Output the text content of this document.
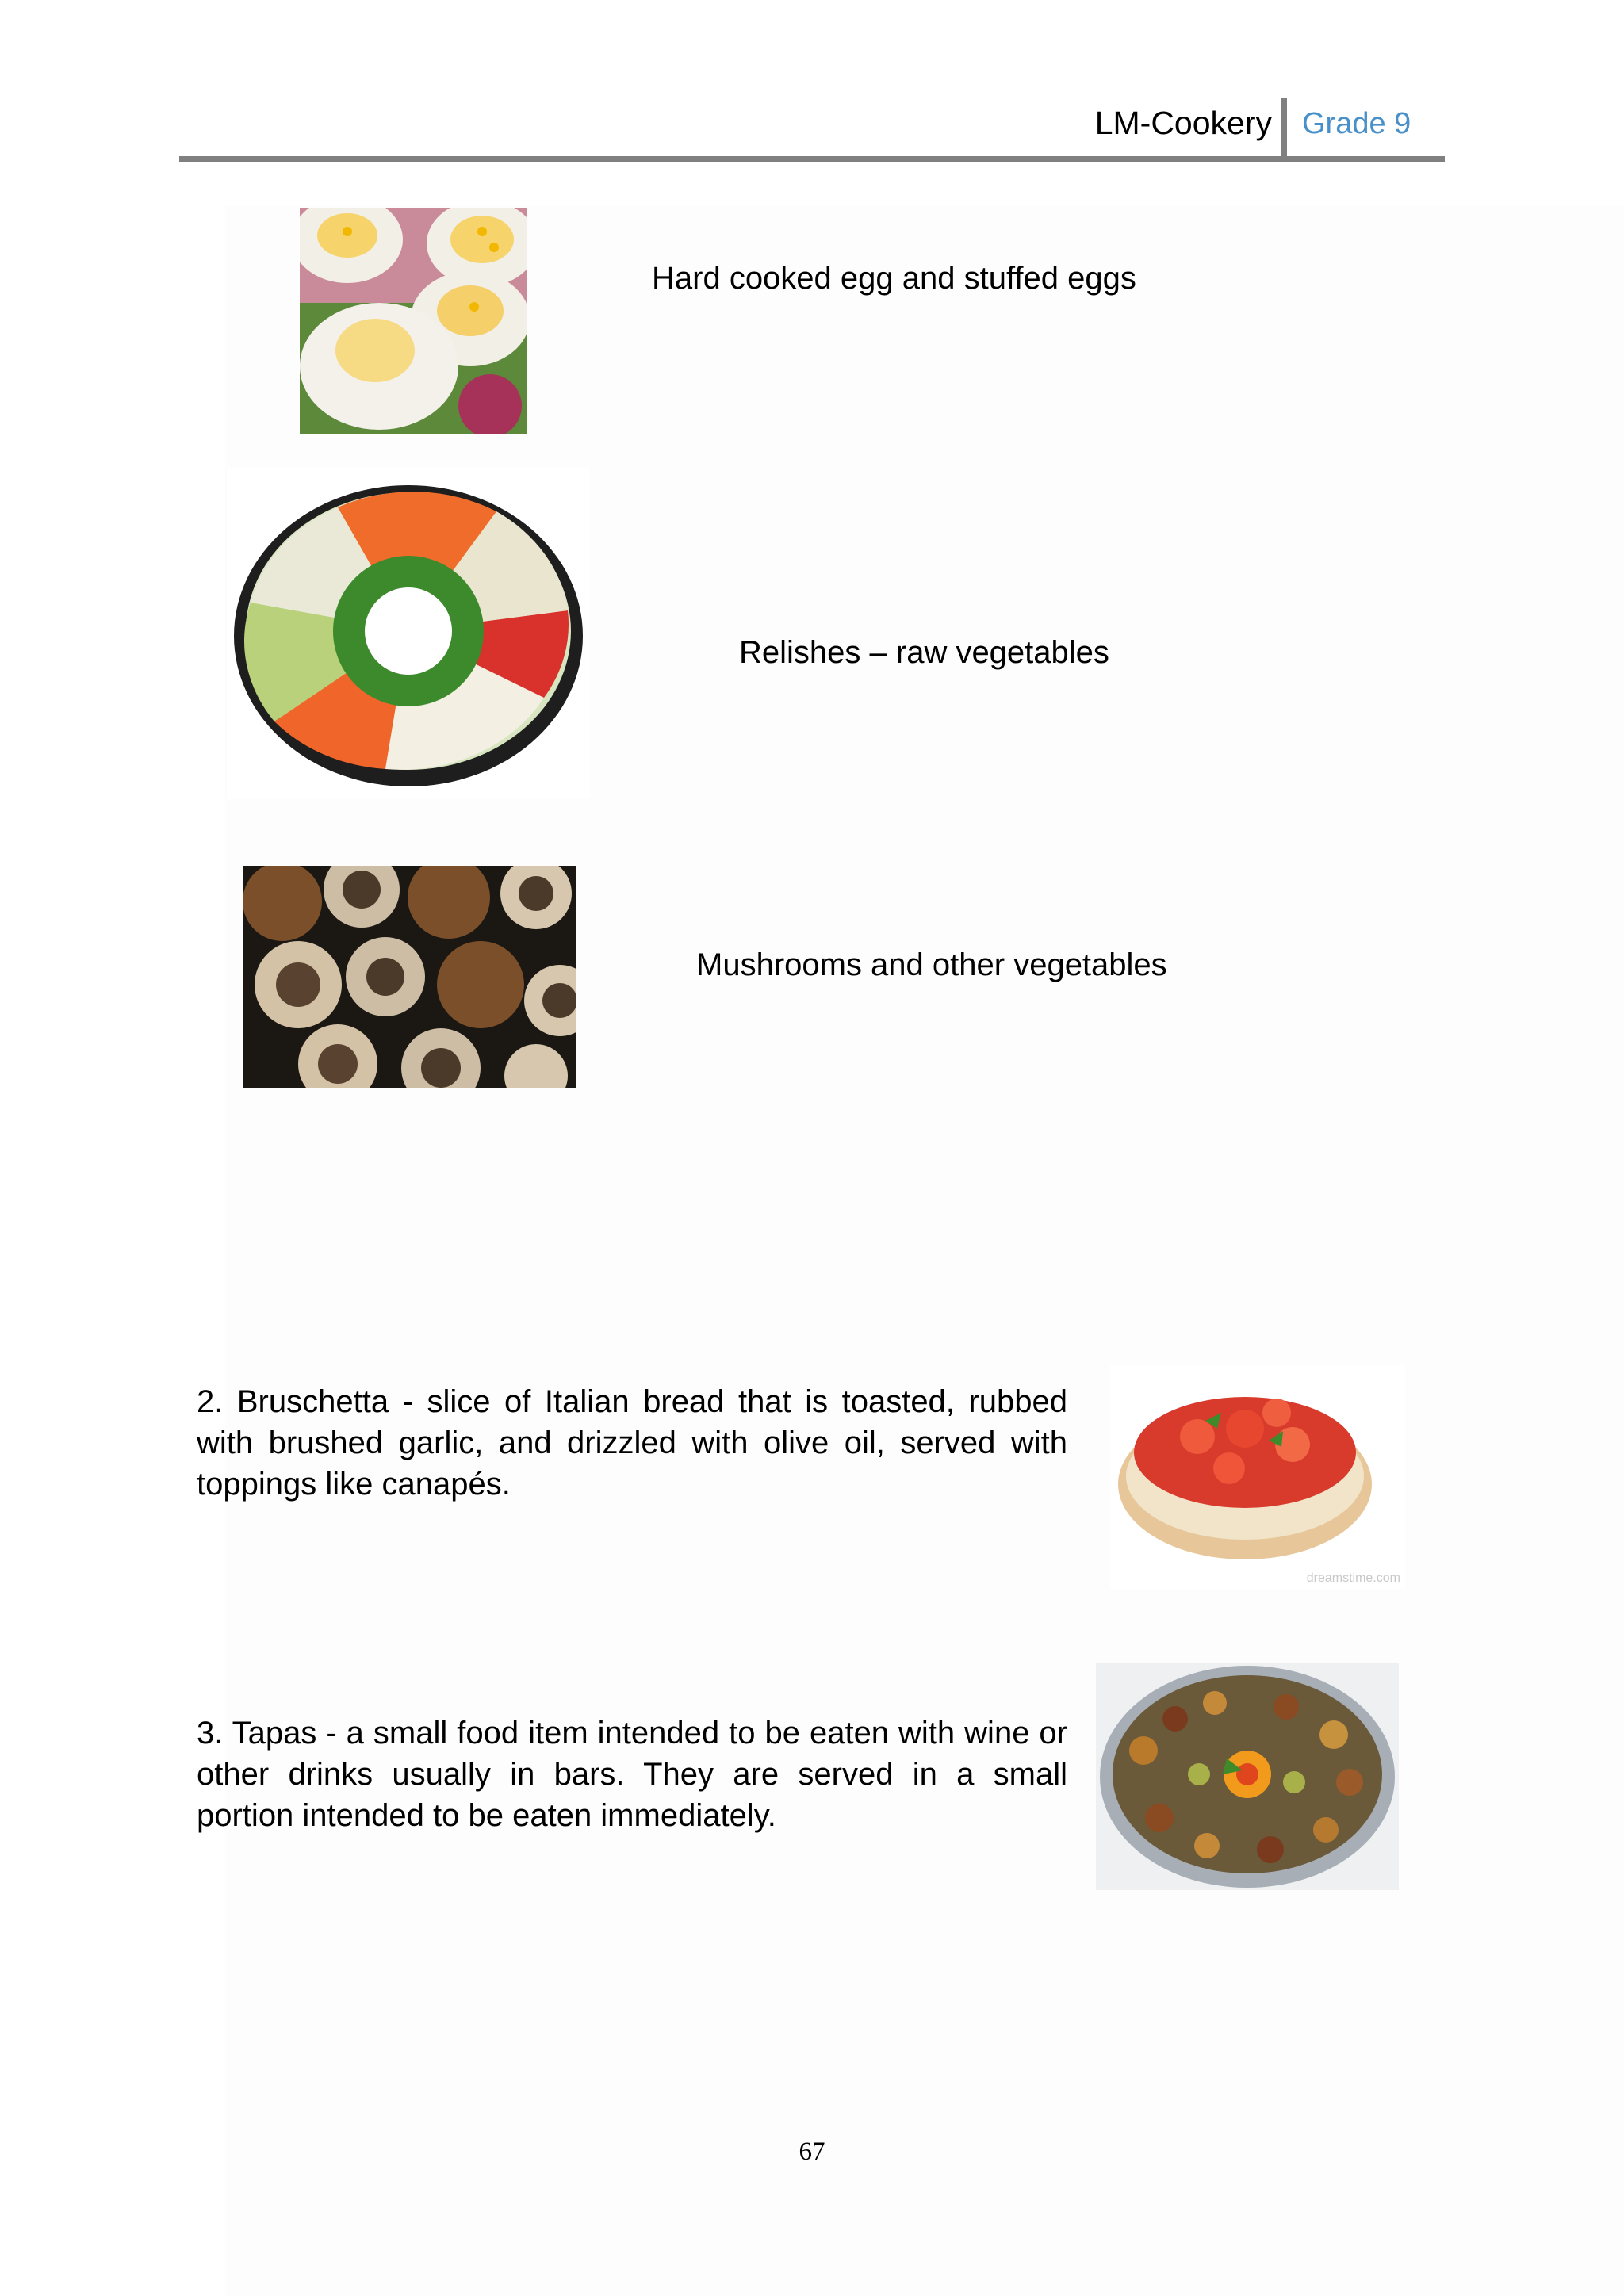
LM-Cookery Grade 9
Hard cooked egg and stuffed eggs
Relishes – raw vegetables
Mushrooms and other vegetables

2. Bruschetta - slice of Italian bread that is toasted, rubbed with brushed garlic, and drizzled with olive oil, served with toppings like canapés.

dreamstime.com

3. Tapas - a small food item intended to be eaten with wine or other drinks usually in bars. They are served in a small portion intended to be eaten immediately.

67
